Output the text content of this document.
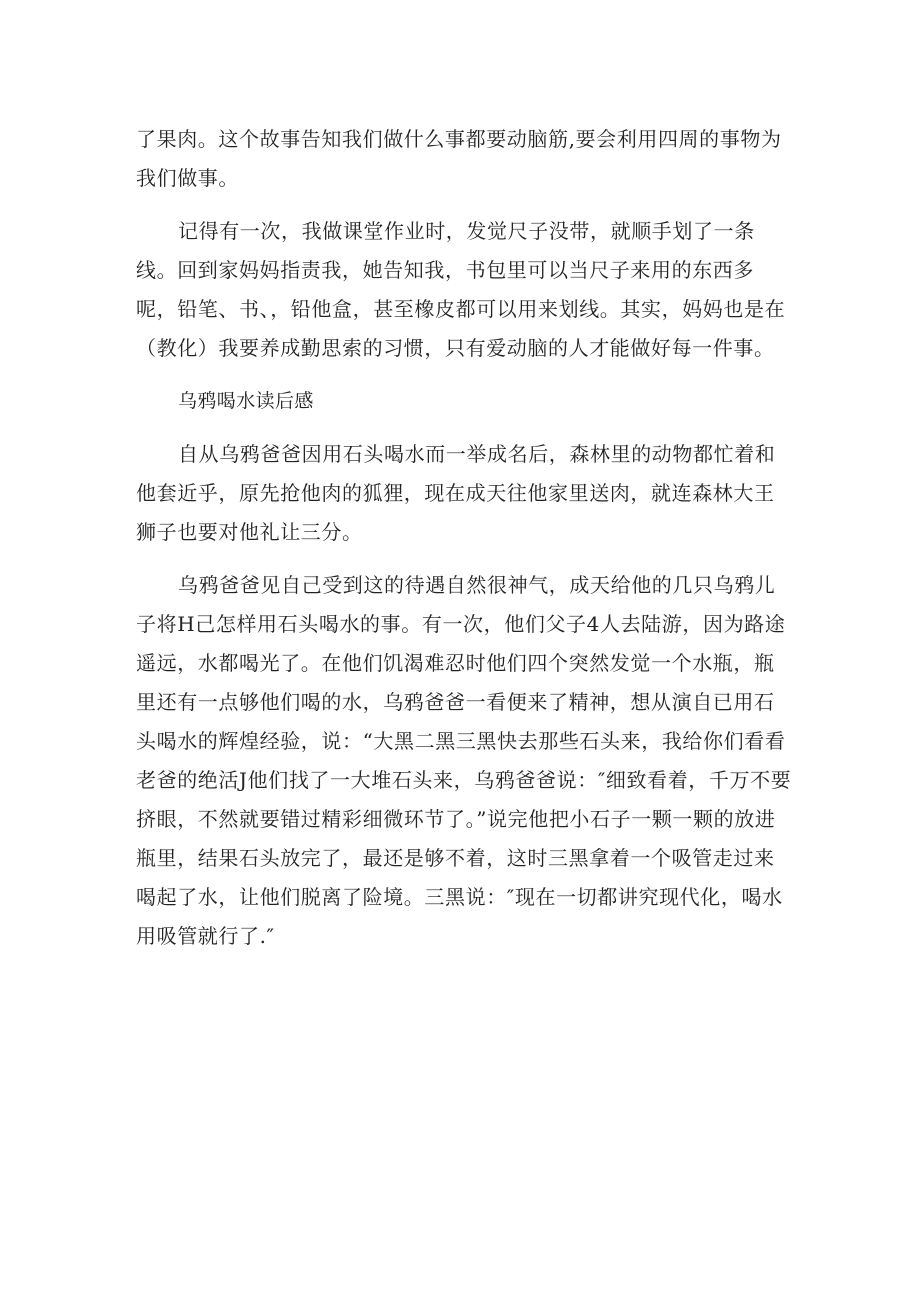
了果肉。这个故事告知我们做什么事都要动脑筋,要会利用四周的事物为我们做事。

记得有一次，我做课堂作业时，发觉尺子没带，就顺手划了一条线。回到家妈妈指责我，她告知我，书包里可以当尺子来用的东西多呢，铅笔、书、，铅他盒，甚至橡皮都可以用来划线。其实，妈妈也是在（教化）我要养成勤思索的习惯，只有爱动脑的人才能做好每一件事。

乌鸦喝水读后感

自从乌鸦爸爸因用石头喝水而一举成名后，森林里的动物都忙着和他套近乎，原先抢他肉的狐狸，现在成天往他家里送肉，就连森林大王狮子也要对他礼让三分。

乌鸦爸爸见自己受到这的待遇自然很神气，成天给他的几只乌鸦儿子将H己怎样用石头喝水的事。有一次，他们父子4人去陆游，因为路途遥远，水都喝光了。在他们饥渴难忍时他们四个突然发觉一个水瓶，瓶里还有一点够他们喝的水，乌鸦爸爸一看便来了精神，想从演自已用石头喝水的辉煌经验，说：“大黑二黑三黑快去那些石头来，我给你们看看老爸的绝活J他们找了一大堆石头来，乌鸦爸爸说：″细致看着，千万不要挤眼，不然就要错过精彩细微环节了。”说完他把小石子一颗一颗的放进瓶里，结果石头放完了，最还是够不着，这时三黑拿着一个吸管走过来喝起了水，让他们脱离了险境。三黑说：″现在一切都讲究现代化，喝水用吸管就行了.″
